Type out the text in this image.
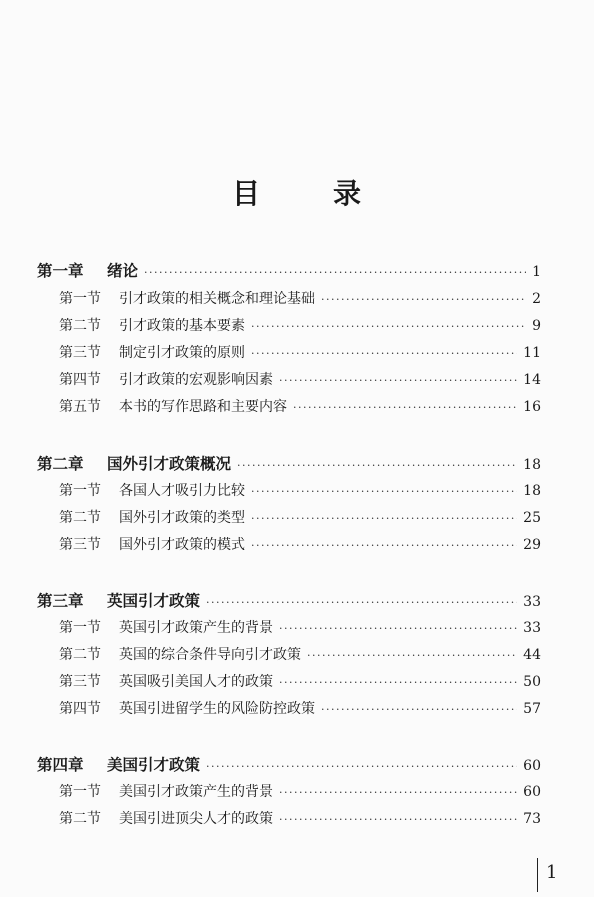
目	录
第一章	绪论 ·····	1
第一节	引才政策的相关概念和理论基础 ·····	2
第二节	引才政策的基本要素 ·····	9
第三节	制定引才政策的原则 ·····	11
第四节	引才政策的宏观影响因素 ·····	14
第五节	本书的写作思路和主要内容 ·····	16
第二章	国外引才政策概况 ·····	18
第一节	各国人才吸引力比较 ·····	18
第二节	国外引才政策的类型 ·····	25
第三节	国外引才政策的模式 ·····	29
第三章	英国引才政策 ·····	33
第一节	英国引才政策产生的背景 ·····	33
第二节	英国的综合条件导向引才政策 ·····	44
第三节	英国吸引美国人才的政策 ·····	50
第四节	英国引进留学生的风险防控政策 ·····	57
第四章	美国引才政策 ·····	60
第一节	美国引才政策产生的背景 ·····	60
第二节	美国引进顶尖人才的政策 ·····	73
1
